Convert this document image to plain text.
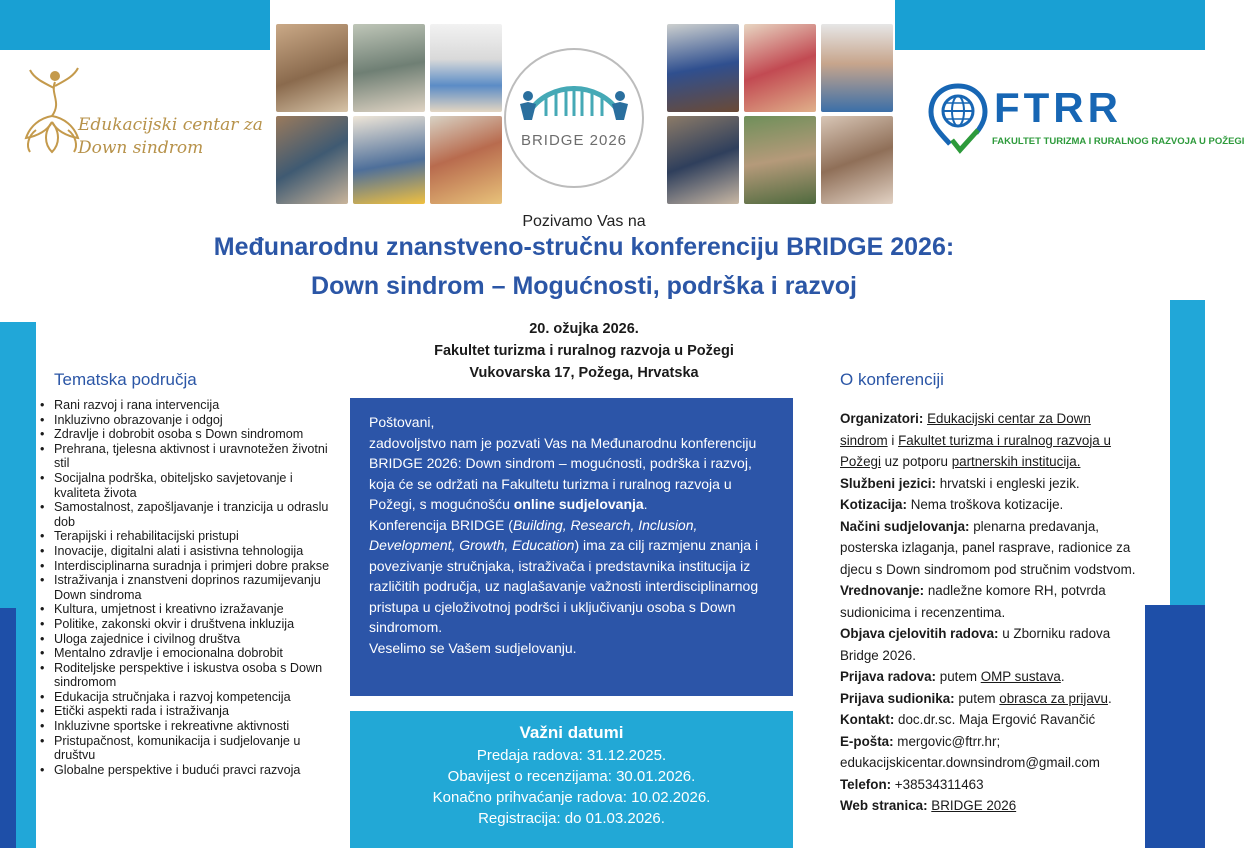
Edukacijski centar za
Down sindrom
FTRR
FAKULTET TURIZMA I RURALNOG RAZVOJA U POŽEGI
BRIDGE 2026
Pozivamo Vas na
Međunarodnu znanstveno-stručnu konferenciju BRIDGE 2026:
Down sindrom – Mogućnosti, podrška i razvoj
20. ožujka 2026.
Fakultet turizma i ruralnog razvoja u Požegi
Vukovarska 17, Požega, Hrvatska
Tematska područja
• Rani razvoj i rana intervencija
• Inkluzivno obrazovanje i odgoj
• Zdravlje i dobrobit osoba s Down sindromom
• Prehrana, tjelesna aktivnost i uravnotežen životni stil
• Socijalna podrška, obiteljsko savjetovanje i kvaliteta života
• Samostalnost, zapošljavanje i tranzicija u odraslu dob
• Terapijski i rehabilitacijski pristupi
• Inovacije, digitalni alati i asistivna tehnologija
• Interdisciplinarna suradnja i primjeri dobre prakse
• Istraživanja i znanstveni doprinos razumijevanju Down sindroma
• Kultura, umjetnost i kreativno izražavanje
• Politike, zakonski okvir i društvena inkluzija
• Uloga zajednice i civilnog društva
• Mentalno zdravlje i emocionalna dobrobit
• Roditeljske perspektive i iskustva osoba s Down sindromom
• Edukacija stručnjaka i razvoj kompetencija
• Etički aspekti rada i istraživanja
• Inkluzivne sportske i rekreativne aktivnosti
• Pristupačnost, komunikacija i sudjelovanje u društvu
• Globalne perspektive i budući pravci razvoja
Poštovani,
zadovoljstvo nam je pozvati Vas na Međunarodnu konferenciju BRIDGE 2026: Down sindrom – mogućnosti, podrška i razvoj, koja će se održati na Fakultetu turizma i ruralnog razvoja u Požegi, s mogućnošću online sudjelovanja.
Konferencija BRIDGE (Building, Research, Inclusion, Development, Growth, Education) ima za cilj razmjenu znanja i povezivanje stručnjaka, istraživača i predstavnika institucija iz različitih područja, uz naglašavanje važnosti interdisciplinarnog pristupa u cjeloživotnoj podršci i uključivanju osoba s Down sindromom.
Veselimo se Vašem sudjelovanju.
Važni datumi
Predaja radova: 31.12.2025.
Obavijest o recenzijama: 30.01.2026.
Konačno prihvaćanje radova: 10.02.2026.
Registracija: do 01.03.2026.
O konferenciji
Organizatori: Edukacijski centar za Down sindrom i Fakultet turizma i ruralnog razvoja u Požegi uz potporu partnerskih institucija.
Službeni jezici: hrvatski i engleski jezik.
Kotizacija: Nema troškova kotizacije.
Načini sudjelovanja: plenarna predavanja, posterska izlaganja, panel rasprave, radionice za djecu s Down sindromom pod stručnim vodstvom.
Vrednovanje: nadležne komore RH, potvrda sudionicima i recenzentima.
Objava cjelovitih radova: u Zborniku radova Bridge 2026.
Prijava radova: putem OMP sustava.
Prijava sudionika: putem obrasca za prijavu.
Kontakt: doc.dr.sc. Maja Ergović Ravančić
E-pošta: mergovic@ftrr.hr;
edukacijskicentar.downsindrom@gmail.com
Telefon: +38534311463
Web stranica: BRIDGE 2026
